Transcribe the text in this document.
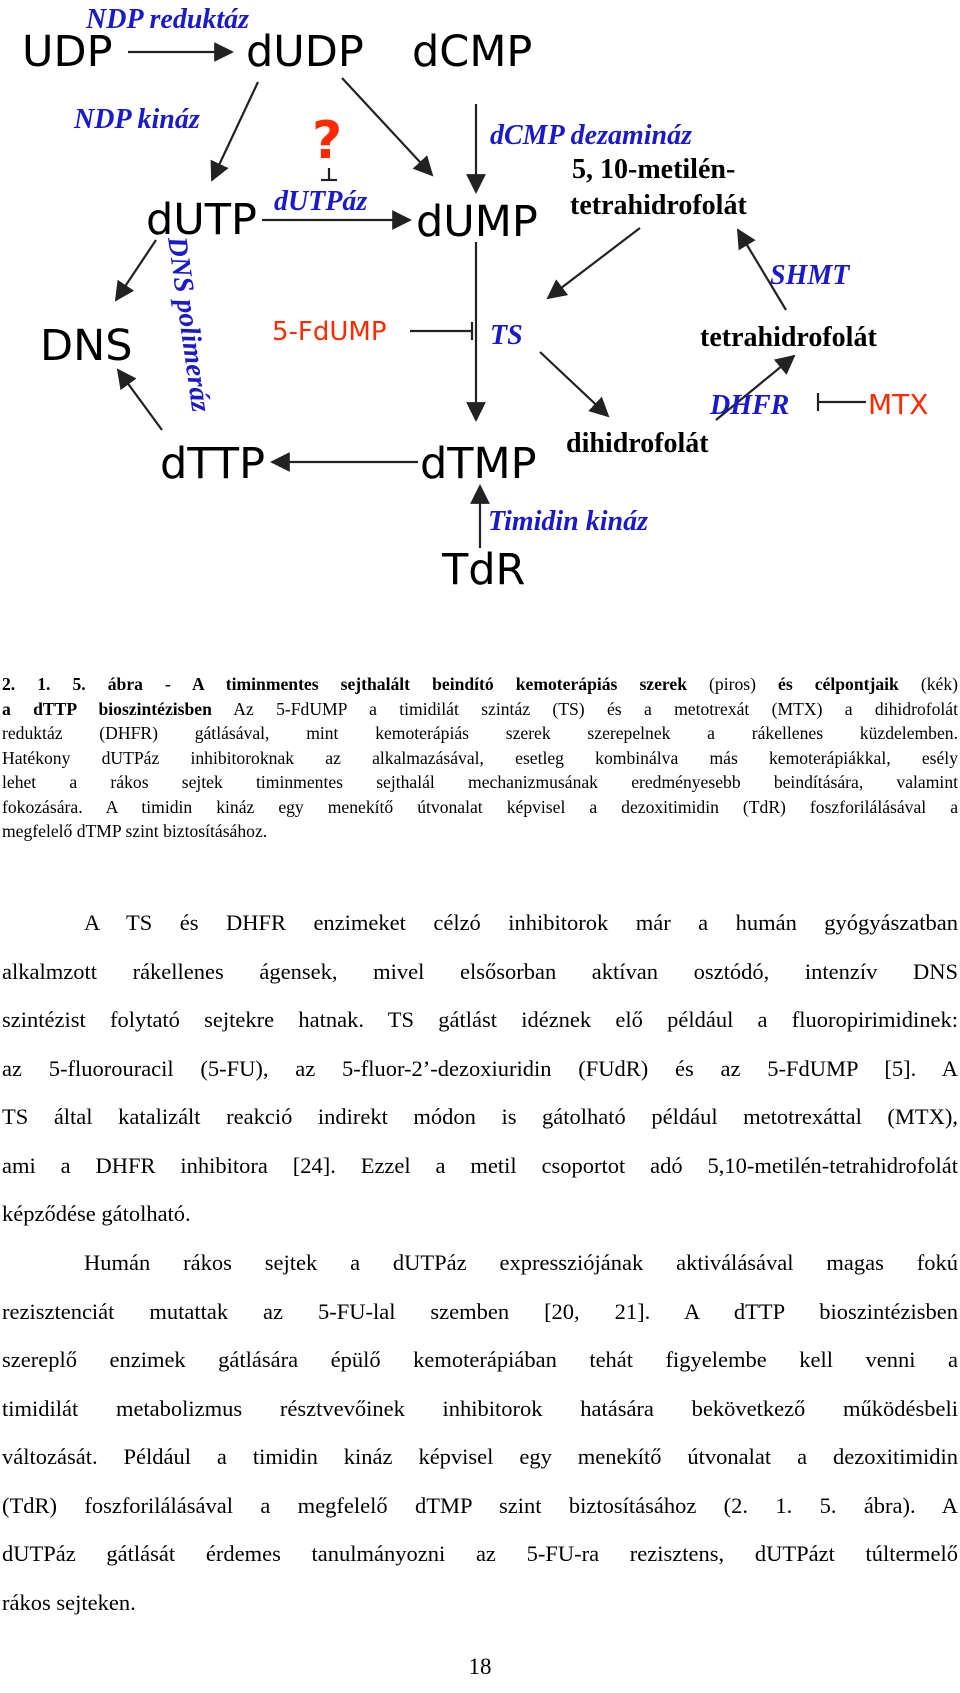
UDP	dUDP dCMP
dUTP	dUMP
DNS
dTTP	dTMP
TdR
5, 10-metilén-
tetrahidrofolát
tetrahidrofolát
dihidrofolát
NDP reduktáz
NDP kináz
dUTPáz
dCMP dezamináz
DNS polimeráz	SHMT
TS
DHFR
Timidin kináz
?
5-FdUMP
MTX
2. 1. 5. ábra - A timinmentes sejthalált beindító kemoterápiás szerek (piros) és célpontjaik (kék)
a dTTP bioszintézisben Az 5-FdUMP a timidilát szintáz (TS) és a metotrexát (MTX) a dihidrofolát
reduktáz (DHFR) gátlásával, mint kemoterápiás szerek szerepelnek a rákellenes küzdelemben.
Hatékony dUTPáz inhibitoroknak az alkalmazásával, esetleg kombinálva más kemoterápiákkal, esély
lehet a rákos sejtek timinmentes sejthalál mechanizmusának eredményesebb beindítására, valamint
fokozására. A timidin kináz egy menekítő útvonalat képvisel a dezoxitimidin (TdR) foszforilálásával a
megfelelő dTMP szint biztosításához.
A TS és DHFR enzimeket célzó inhibitorok már a humán gyógyászatban
alkalmzott rákellenes ágensek, mivel elsősorban aktívan osztódó, intenzív DNS
szintézist folytató sejtekre hatnak. TS gátlást idéznek elő például a fluoropirimidinek:
az 5-fluorouracil (5-FU), az 5-fluor-2’-dezoxiuridin (FUdR) és az 5-FdUMP [5]. A
TS által katalizált reakció indirekt módon is gátolható például metotrexáttal (MTX),
ami a DHFR inhibitora [24]. Ezzel a metil csoportot adó 5,10-metilén-tetrahidrofolát
képződése gátolható.
Humán rákos sejtek a dUTPáz expressziójának aktiválásával magas fokú
rezisztenciát mutattak az 5-FU-lal szemben [20, 21]. A dTTP bioszintézisben
szereplő enzimek gátlására épülő kemoterápiában tehát figyelembe kell venni a
timidilát metabolizmus résztvevőinek inhibitorok hatására bekövetkező működésbeli
változását. Például a timidin kináz képvisel egy menekítő útvonalat a dezoxitimidin
(TdR) foszforilálásával a megfelelő dTMP szint biztosításához (2. 1. 5. ábra). A
dUTPáz gátlását érdemes tanulmányozni az 5-FU-ra rezisztens, dUTPázt túltermelő
rákos sejteken.
18
